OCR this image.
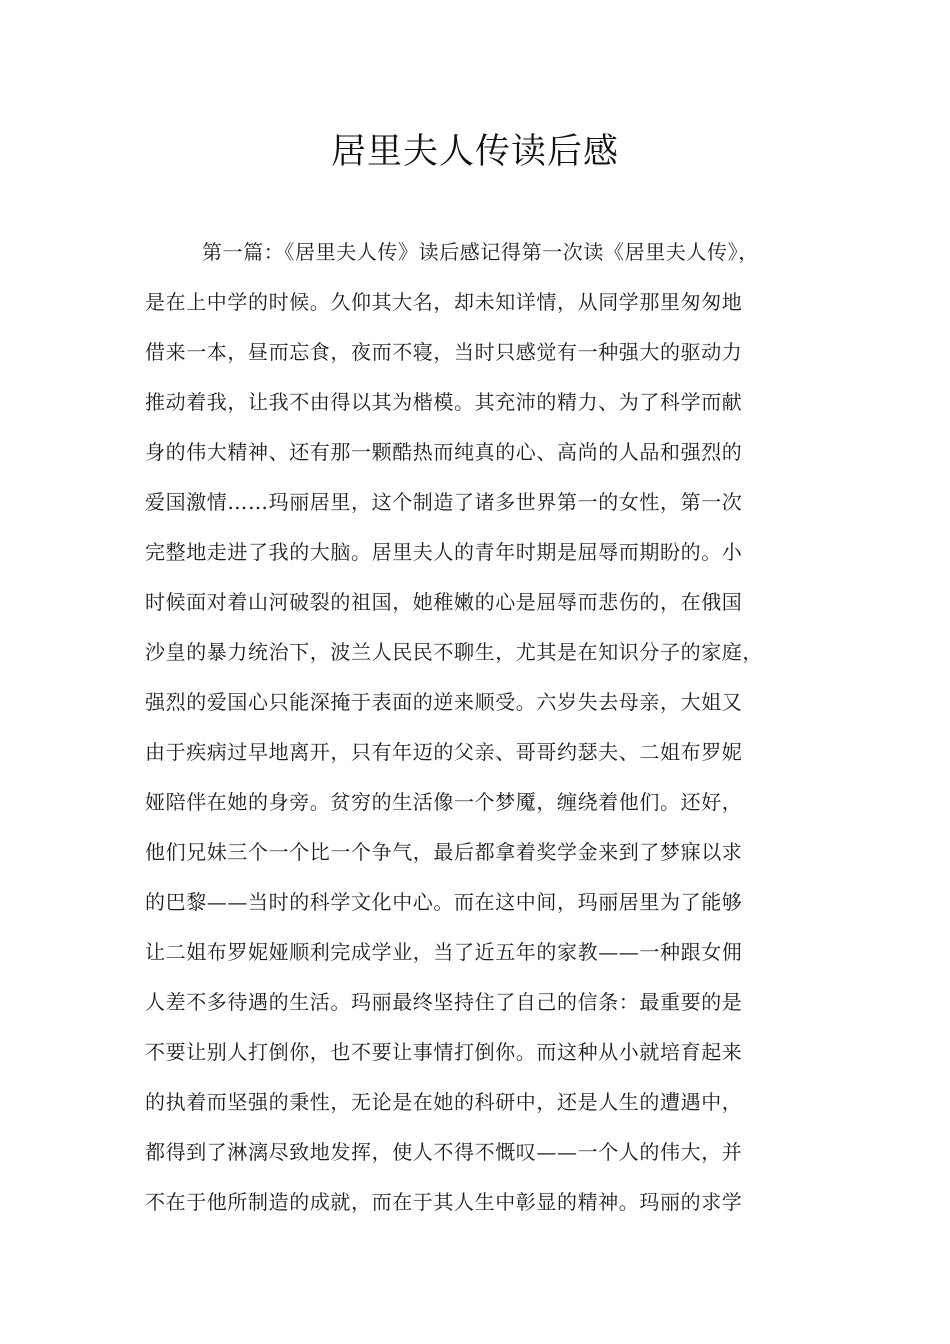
居里夫人传读后感
第一篇：《居里夫人传》读后感记得第一次读《居里夫人传》，
是在上中学的时候。久仰其大名，却未知详情，从同学那里匆匆地
借来一本，昼而忘食，夜而不寝，当时只感觉有一种强大的驱动力
推动着我，让我不由得以其为楷模。其充沛的精力、为了科学而献
身的伟大精神、还有那一颗酷热而纯真的心、高尚的人品和强烈的
爱国激情……玛丽居里，这个制造了诸多世界第一的女性，第一次
完整地走进了我的大脑。居里夫人的青年时期是屈辱而期盼的。小
时候面对着山河破裂的祖国，她稚嫩的心是屈辱而悲伤的，在俄国
沙皇的暴力统治下，波兰人民民不聊生，尤其是在知识分子的家庭，
强烈的爱国心只能深掩于表面的逆来顺受。六岁失去母亲，大姐又
由于疾病过早地离开，只有年迈的父亲、哥哥约瑟夫、二姐布罗妮
娅陪伴在她的身旁。贫穷的生活像一个梦魇，缠绕着他们。还好，
他们兄妹三个一个比一个争气，最后都拿着奖学金来到了梦寐以求
的巴黎——当时的科学文化中心。而在这中间，玛丽居里为了能够
让二姐布罗妮娅顺利完成学业，当了近五年的家教——一种跟女佣
人差不多待遇的生活。玛丽最终坚持住了自己的信条：最重要的是
不要让别人打倒你，也不要让事情打倒你。而这种从小就培育起来
的执着而坚强的秉性，无论是在她的科研中，还是人生的遭遇中，
都得到了淋漓尽致地发挥，使人不得不慨叹——一个人的伟大，并
不在于他所制造的成就，而在于其人生中彰显的精神。玛丽的求学
